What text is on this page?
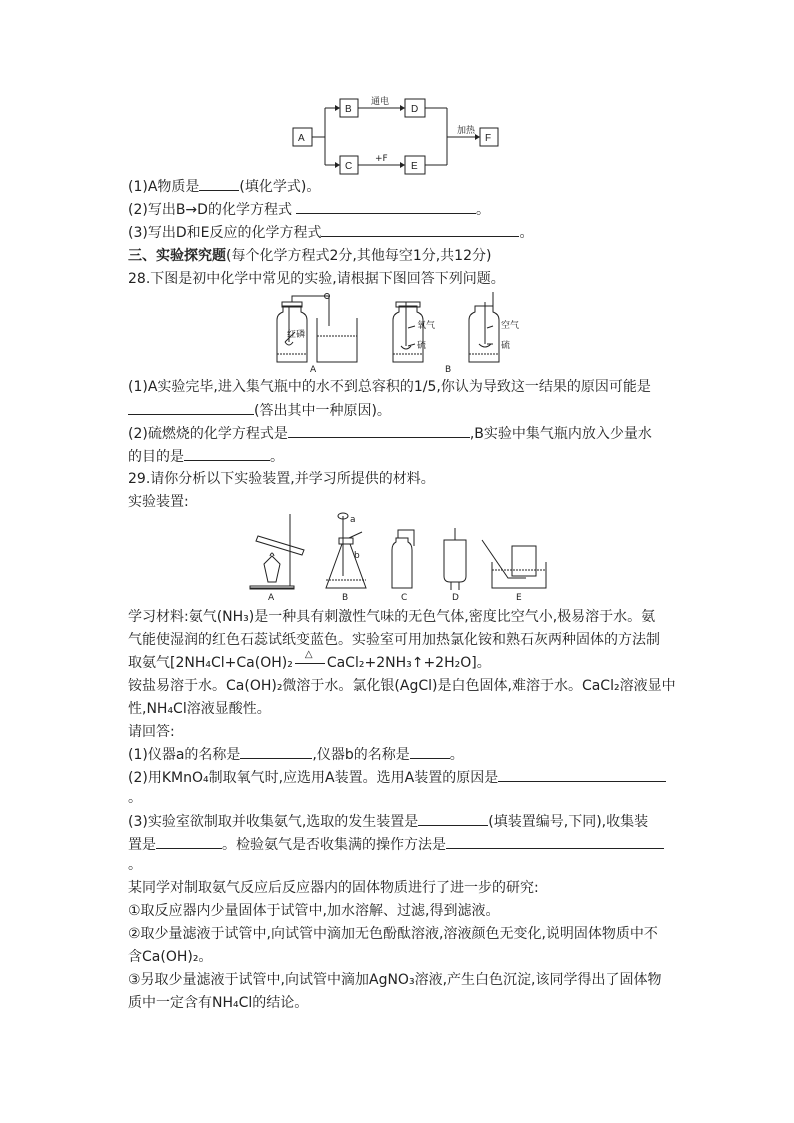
A
B
C
D
E
F
通电
+F
加热
(1)A物质是	(填化学式)。
(2)写出B→D的化学方程式	。
(3)写出D和E反应的化学方程式	。
三、实验探究题(每个化学方程式2分,其他每空1分,共12分)
28.下图是初中化学中常见的实验,请根据下图回答下列问题。
红磷
氧气
硫
空气
硫
A	B
(1)A实验完毕,进入集气瓶中的水不到总容积的1/5,你认为导致这一结果的原因可能是
(答出其中一种原因)。
(2)硫燃烧的化学方程式是	,B实验中集气瓶内放入少量水
的目的是	。
29.请你分析以下实验装置,并学习所提供的材料。
实验装置:
A	B	C	D	E
a
b
学习材料:氨气(NH₃)是一种具有刺激性气味的无色气体,密度比空气小,极易溶于水。氨
气能使湿润的红色石蕊试纸变蓝色。实验室可用加热氯化铵和熟石灰两种固体的方法制
取氨气[2NH₄Cl+Ca(OH)₂
△
CaCl₂+2NH₃↑+2H₂O]。
铵盐易溶于水。Ca(OH)₂微溶于水。氯化银(AgCl)是白色固体,难溶于水。CaCl₂溶液显中
性,NH₄Cl溶液显酸性。
请回答:
(1)仪器a的名称是	,仪器b的名称是	。
(2)用KMnO₄制取氧气时,应选用A装置。选用A装置的原因是
。
(3)实验室欲制取并收集氨气,选取的发生装置是	(填装置编号,下同),收集装
置是	。检验氨气是否收集满的操作方法是
。
某同学对制取氨气反应后反应器内的固体物质进行了进一步的研究:
①取反应器内少量固体于试管中,加水溶解、过滤,得到滤液。
②取少量滤液于试管中,向试管中滴加无色酚酞溶液,溶液颜色无变化,说明固体物质中不
含Ca(OH)₂。
③另取少量滤液于试管中,向试管中滴加AgNO₃溶液,产生白色沉淀,该同学得出了固体物
质中一定含有NH₄Cl的结论。
